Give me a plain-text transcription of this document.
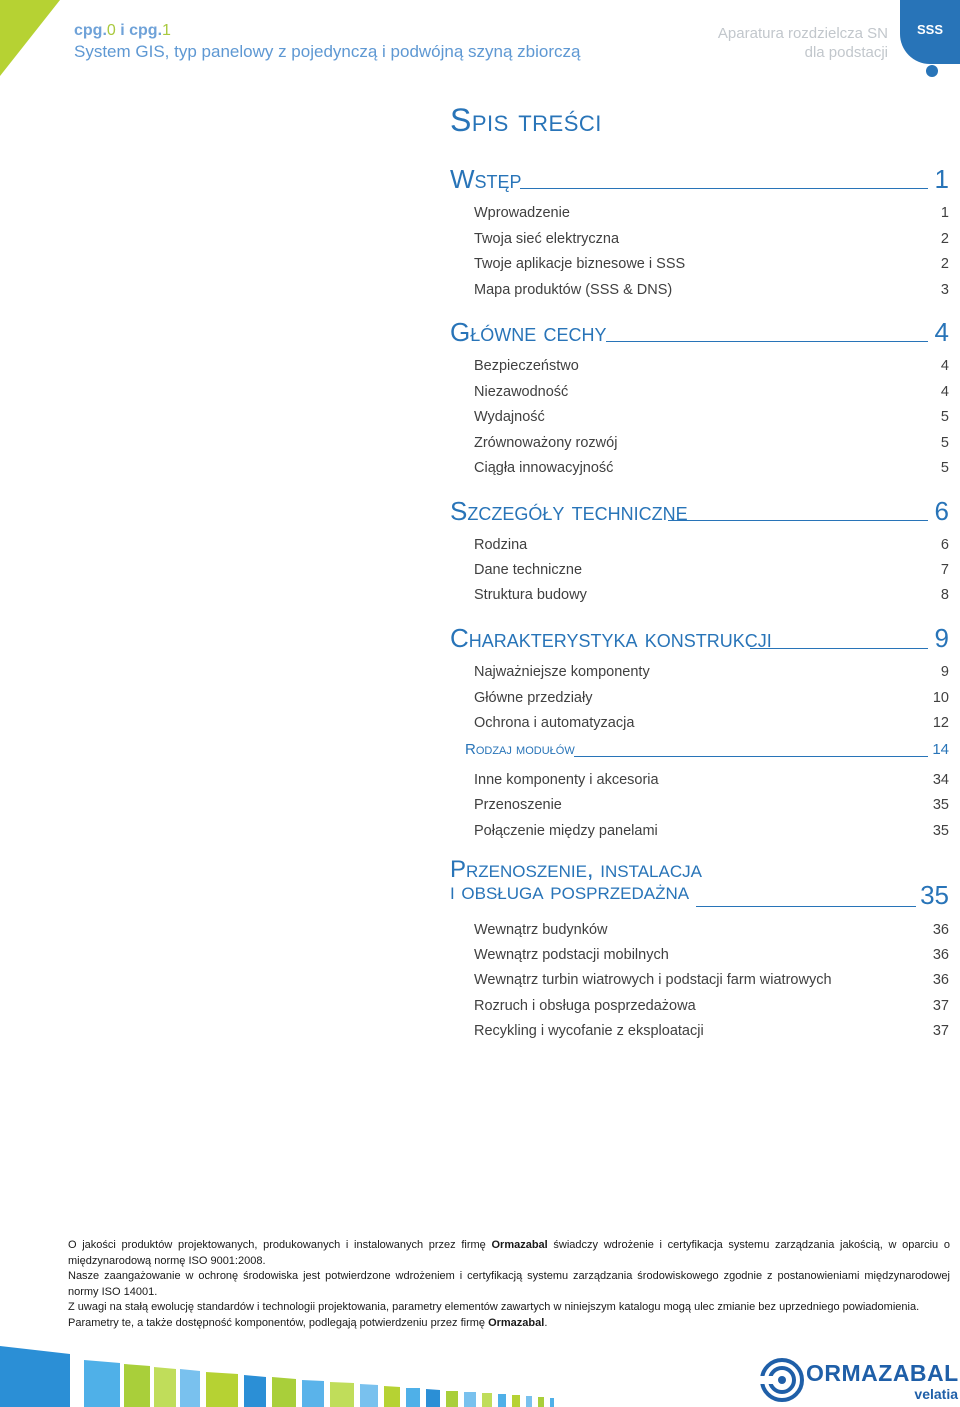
cpg.0 i cpg.1
System GIS, typ panelowy z pojedynczą i podwójną szyną zbiorczą
Aparatura rozdzielcza SN
dla podstacji
SSS
Spis treści
Wstęp	1
Wprowadzenie	1
Twoja sieć elektryczna	2
Twoje aplikacje biznesowe i SSS	2
Mapa produktów (SSS & DNS)	3
Główne cechy	4
Bezpieczeństwo	4
Niezawodność	4
Wydajność	5
Zrównoważony rozwój	5
Ciągła innowacyjność	5
Szczegóły techniczne	6
Rodzina	6
Dane techniczne	7
Struktura budowy	8
Charakterystyka konstrukcji	9
Najważniejsze komponenty	9
Główne przedziały	10
Ochrona i automatyzacja	12
Rodzaj modułów	14
Inne komponenty i akcesoria	34
Przenoszenie	35
Połączenie między panelami	35
Przenoszenie, instalacja
i obsługa posprzedażna	35
Wewnątrz budynków	36
Wewnątrz podstacji mobilnych	36
Wewnątrz turbin wiatrowych i podstacji farm wiatrowych	36
Rozruch i obsługa posprzedażowa	37
Recykling i wycofanie z eksploatacji	37

O jakości produktów projektowanych, produkowanych i instalowanych przez firmę Ormazabal świadczy wdrożenie i certyfikacja systemu zarządzania jakością, w oparciu o międzynarodową normę ISO 9001:2008.

Nasze zaangażowanie w ochronę środowiska jest potwierdzone wdrożeniem i certyfikacją systemu zarządzania środowiskowego zgodnie z postanowieniami międzynarodowej normy ISO 14001.

Z uwagi na stałą ewolucję standardów i technologii projektowania, parametry elementów zawartych w niniejszym katalogu mogą ulec zmianie bez uprzedniego powiadomienia.

Parametry te, a także dostępność komponentów, podlegają potwierdzeniu przez firmę Ormazabal.

ORMAZABAL
velatia
